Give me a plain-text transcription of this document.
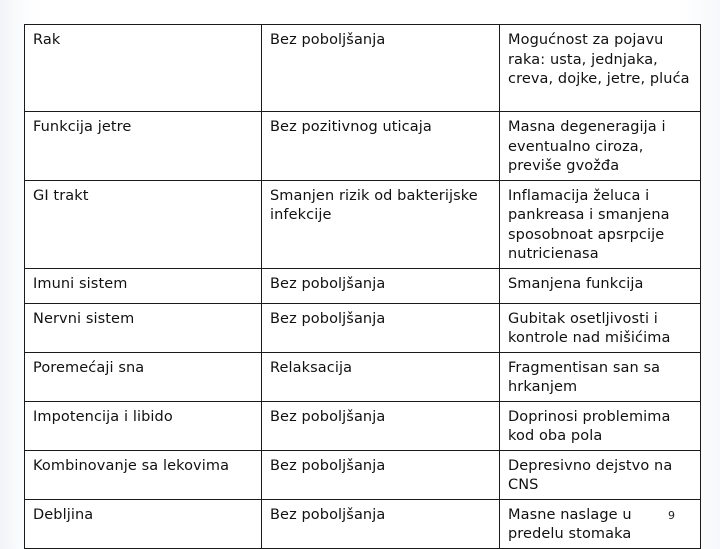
Rak	Bez poboljšanja	Mogućnost za pojavu raka: usta, jednjaka, creva, dojke, jetre, pluća
Funkcija jetre	Bez pozitivnog uticaja	Masna degeneragija i eventualno ciroza, previše gvožđa
GI trakt	Smanjen rizik od bakterijske infekcije	Inflamacija želuca i pankreasa i smanjena sposobnoat apsrpcije nutricienasa
Imuni sistem	Bez poboljšanja	Smanjena funkcija
Nervni sistem	Bez poboljšanja	Gubitak osetljivosti i kontrole nad mišićima
Poremećaji sna	Relaksacija	Fragmentisan san sa hrkanjem
Impotencija i libido	Bez poboljšanja	Doprinosi problemima kod oba pola
Kombinovanje sa lekovima	Bez poboljšanja	Depresivno dejstvo na CNS
Debljina	Bez poboljšanja	Masne naslage u predelu stomaka
9
